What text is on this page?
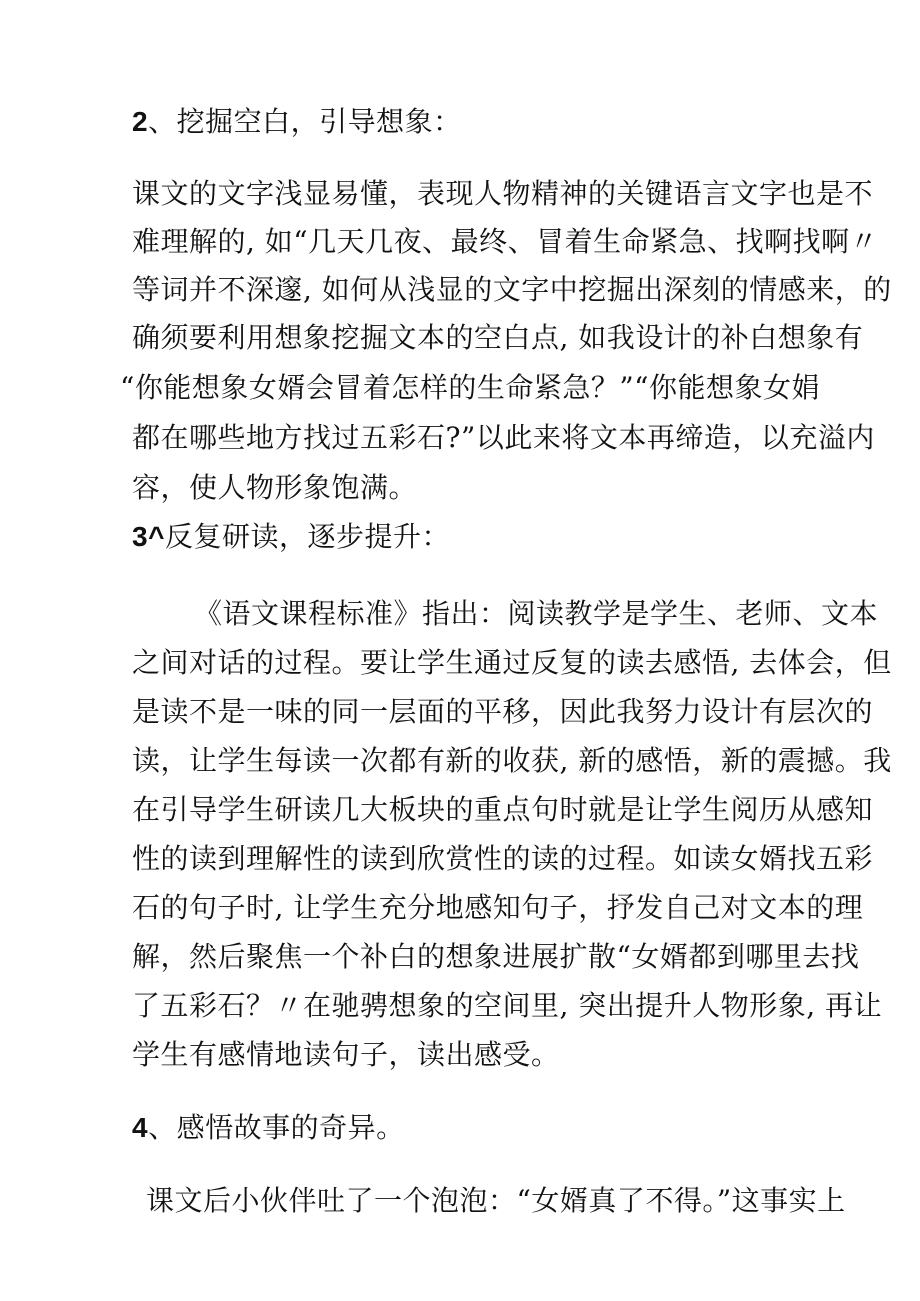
2、挖掘空白，引导想象：
课文的文字浅显易懂，表现人物精神的关键语言文字也是不
难理解的, 如“几天几夜、最终、冒着生命紧急、找啊找啊〃
等词并不深邃, 如何从浅显的文字中挖掘出深刻的情感来，的
确须要利用想象挖掘文本的空白点, 如我设计的补白想象有
“你能想象女婿会冒着怎样的生命紧急？”“你能想象女娟
都在哪些地方找过五彩石?”以此来将文本再缔造，以充溢内
容，使人物形象饱满。
3^反复研读，逐步提升：
《语文课程标准》指出：阅读教学是学生、老师、文本
之间对话的过程。要让学生通过反复的读去感悟, 去体会，但
是读不是一味的同一层面的平移，因此我努力设计有层次的
读，让学生每读一次都有新的收获, 新的感悟，新的震撼。我
在引导学生研读几大板块的重点句时就是让学生阅历从感知
性的读到理解性的读到欣赏性的读的过程。如读女婿找五彩
石的句子时, 让学生充分地感知句子，抒发自己对文本的理
解，然后聚焦一个补白的想象进展扩散“女婿都到哪里去找
了五彩石？〃在驰骋想象的空间里, 突出提升人物形象, 再让
学生有感情地读句子，读出感受。
4、感悟故事的奇异。
课文后小伙伴吐了一个泡泡：“女婿真了不得。”这事实上
